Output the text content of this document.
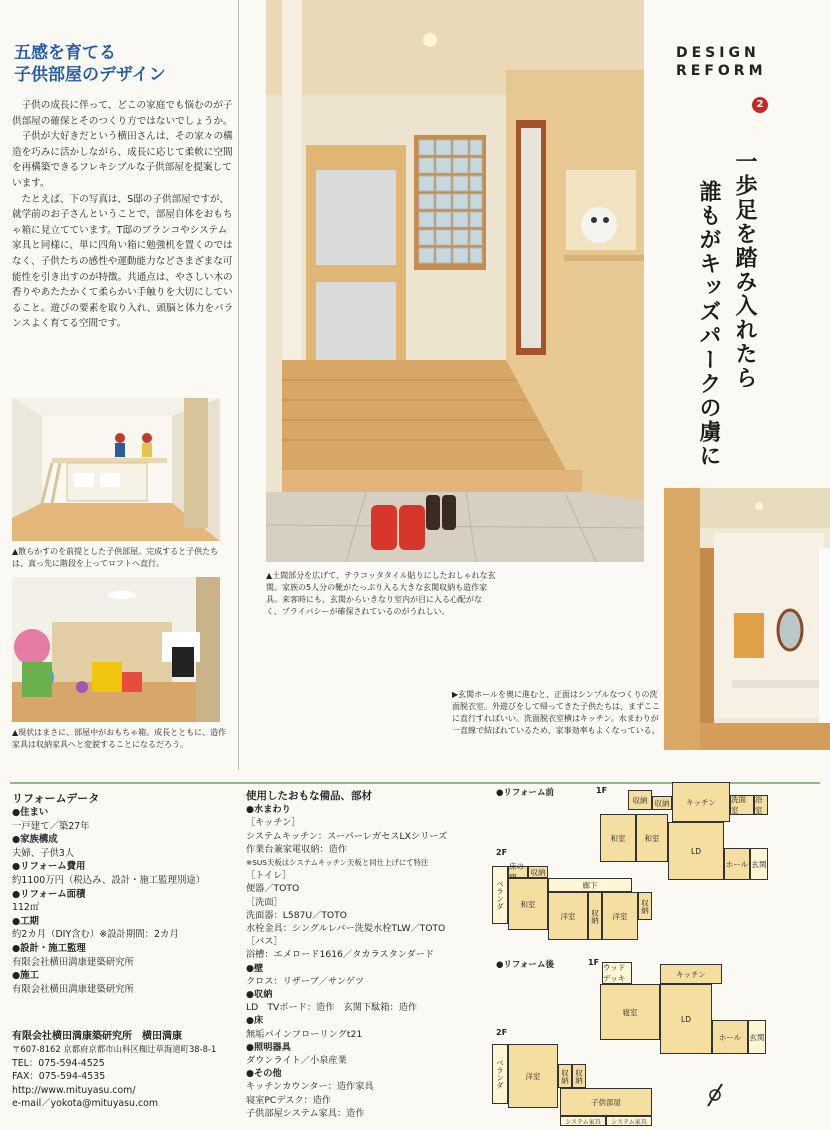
五感を育てる
子供部屋のデザイン

子供の成長に伴って、どこの家庭でも悩むのが子供部屋の確保とそのつくり方ではないでしょうか。

子供が大好きだという横田さんは、その家々の構造を巧みに活かしながら、成長に応じて柔軟に空間を再構築できるフレキシブルな子供部屋を提案しています。

たとえば、下の写真は、S邸の子供部屋ですが、就学前のお子さんということで、部屋自体をおもちゃ箱に見立てています。T邸のブランコやシステム家具と同様に、単に四角い箱に勉強机を置くのではなく、子供たちの感性や運動能力などさまざまな可能性を引き出すのが特徴。共通点は、やさしい木の香りやあたたかくて柔らかい手触りを大切にしていること。遊びの要素を取り入れ、頭脳と体力をバランスよく育てる空間です。

▲散らかすのを前提とした子供部屋。完成すると子供たちは、真っ先に階段を上ってロフトへ直行。
▲現状はまさに、部屋中がおもちゃ箱。成長とともに、造作家具は収納家具へと変貌することになるだろう。
▲土間部分を広げて、テラコッタタイル貼りにしたおしゃれな玄関。家族の5人分の靴がたっぷり入る大きな玄関収納も造作家具。来客時にも、玄関からいきなり室内が目に入る心配がなく、プライバシーが確保されているのがうれしい。
DESIGN
REFORM
2
一歩足を踏み入れたら
誰もがキッズパークの虜に
▶玄関ホールを奥に進むと、正面はシンプルなつくりの洗面脱衣室。外遊びをして帰ってきた子供たちは、まずここに直行すればいい。洗面脱衣室横はキッチン。水まわりが一直線で結ばれているため、家事効率もよくなっている。
リフォームデータ
●住まい
一戸建て／築27年
●家族構成
夫婦、子供3人
●リフォーム費用
約1100万円（税込み、設計・施工監理別途）
●リフォーム面積
112㎡
●工期
約2カ月（DIY含む）※設計期間：2カ月
●設計・施工監理
有限会社横田満康建築研究所
●施工
有限会社横田満康建築研究所
有限会社横田満康築研究所　横田満康
〒607-8162 京都府京都市山科区椥辻草海道町38-8-1
TEL：075-594-4525
FAX：075-594-4535
http://www.mituyasu.com/
e-mail／yokota@mituyasu.com
使用したおもな備品、部材
●水まわり
［キッチン］
システムキッチン：スーパーレガセスLXシリーズ
作業台兼家電収納：造作
※SUS天板はシステムキッチン天板と同仕上げにて特注
［トイレ］
便器／TOTO
［洗面］
洗面器：L587U／TOTO
水栓金具：シングルレバー洗髪水栓TLW／TOTO
［バス］
浴槽：エメロード1616／タカラスタンダード
●壁
クロス：リザーブ／サンゲツ
●収納
LD　TVボード：造作　玄関下駄箱：造作
●床
無垢パインフローリングt21
●照明器具
ダウンライト／小泉産業
●その他
キッチンカウンター：造作家具
寝室PCデスク：造作
子供部屋システム家具：造作
●リフォーム前	1F
2F
収納 収納	キッチン	洗面室
浴室
和室	和室
LD
ホール 玄関
ベランダ
床の
収納
廊下
和室
洋室	収納	洋室
収納
●リフォーム後	1F
2F
ウッドデッキ	キッチン
寝室
LD
ホール	玄関
ベランダ	洋室	収納 収納
子供部屋
システム家具	システム家具
